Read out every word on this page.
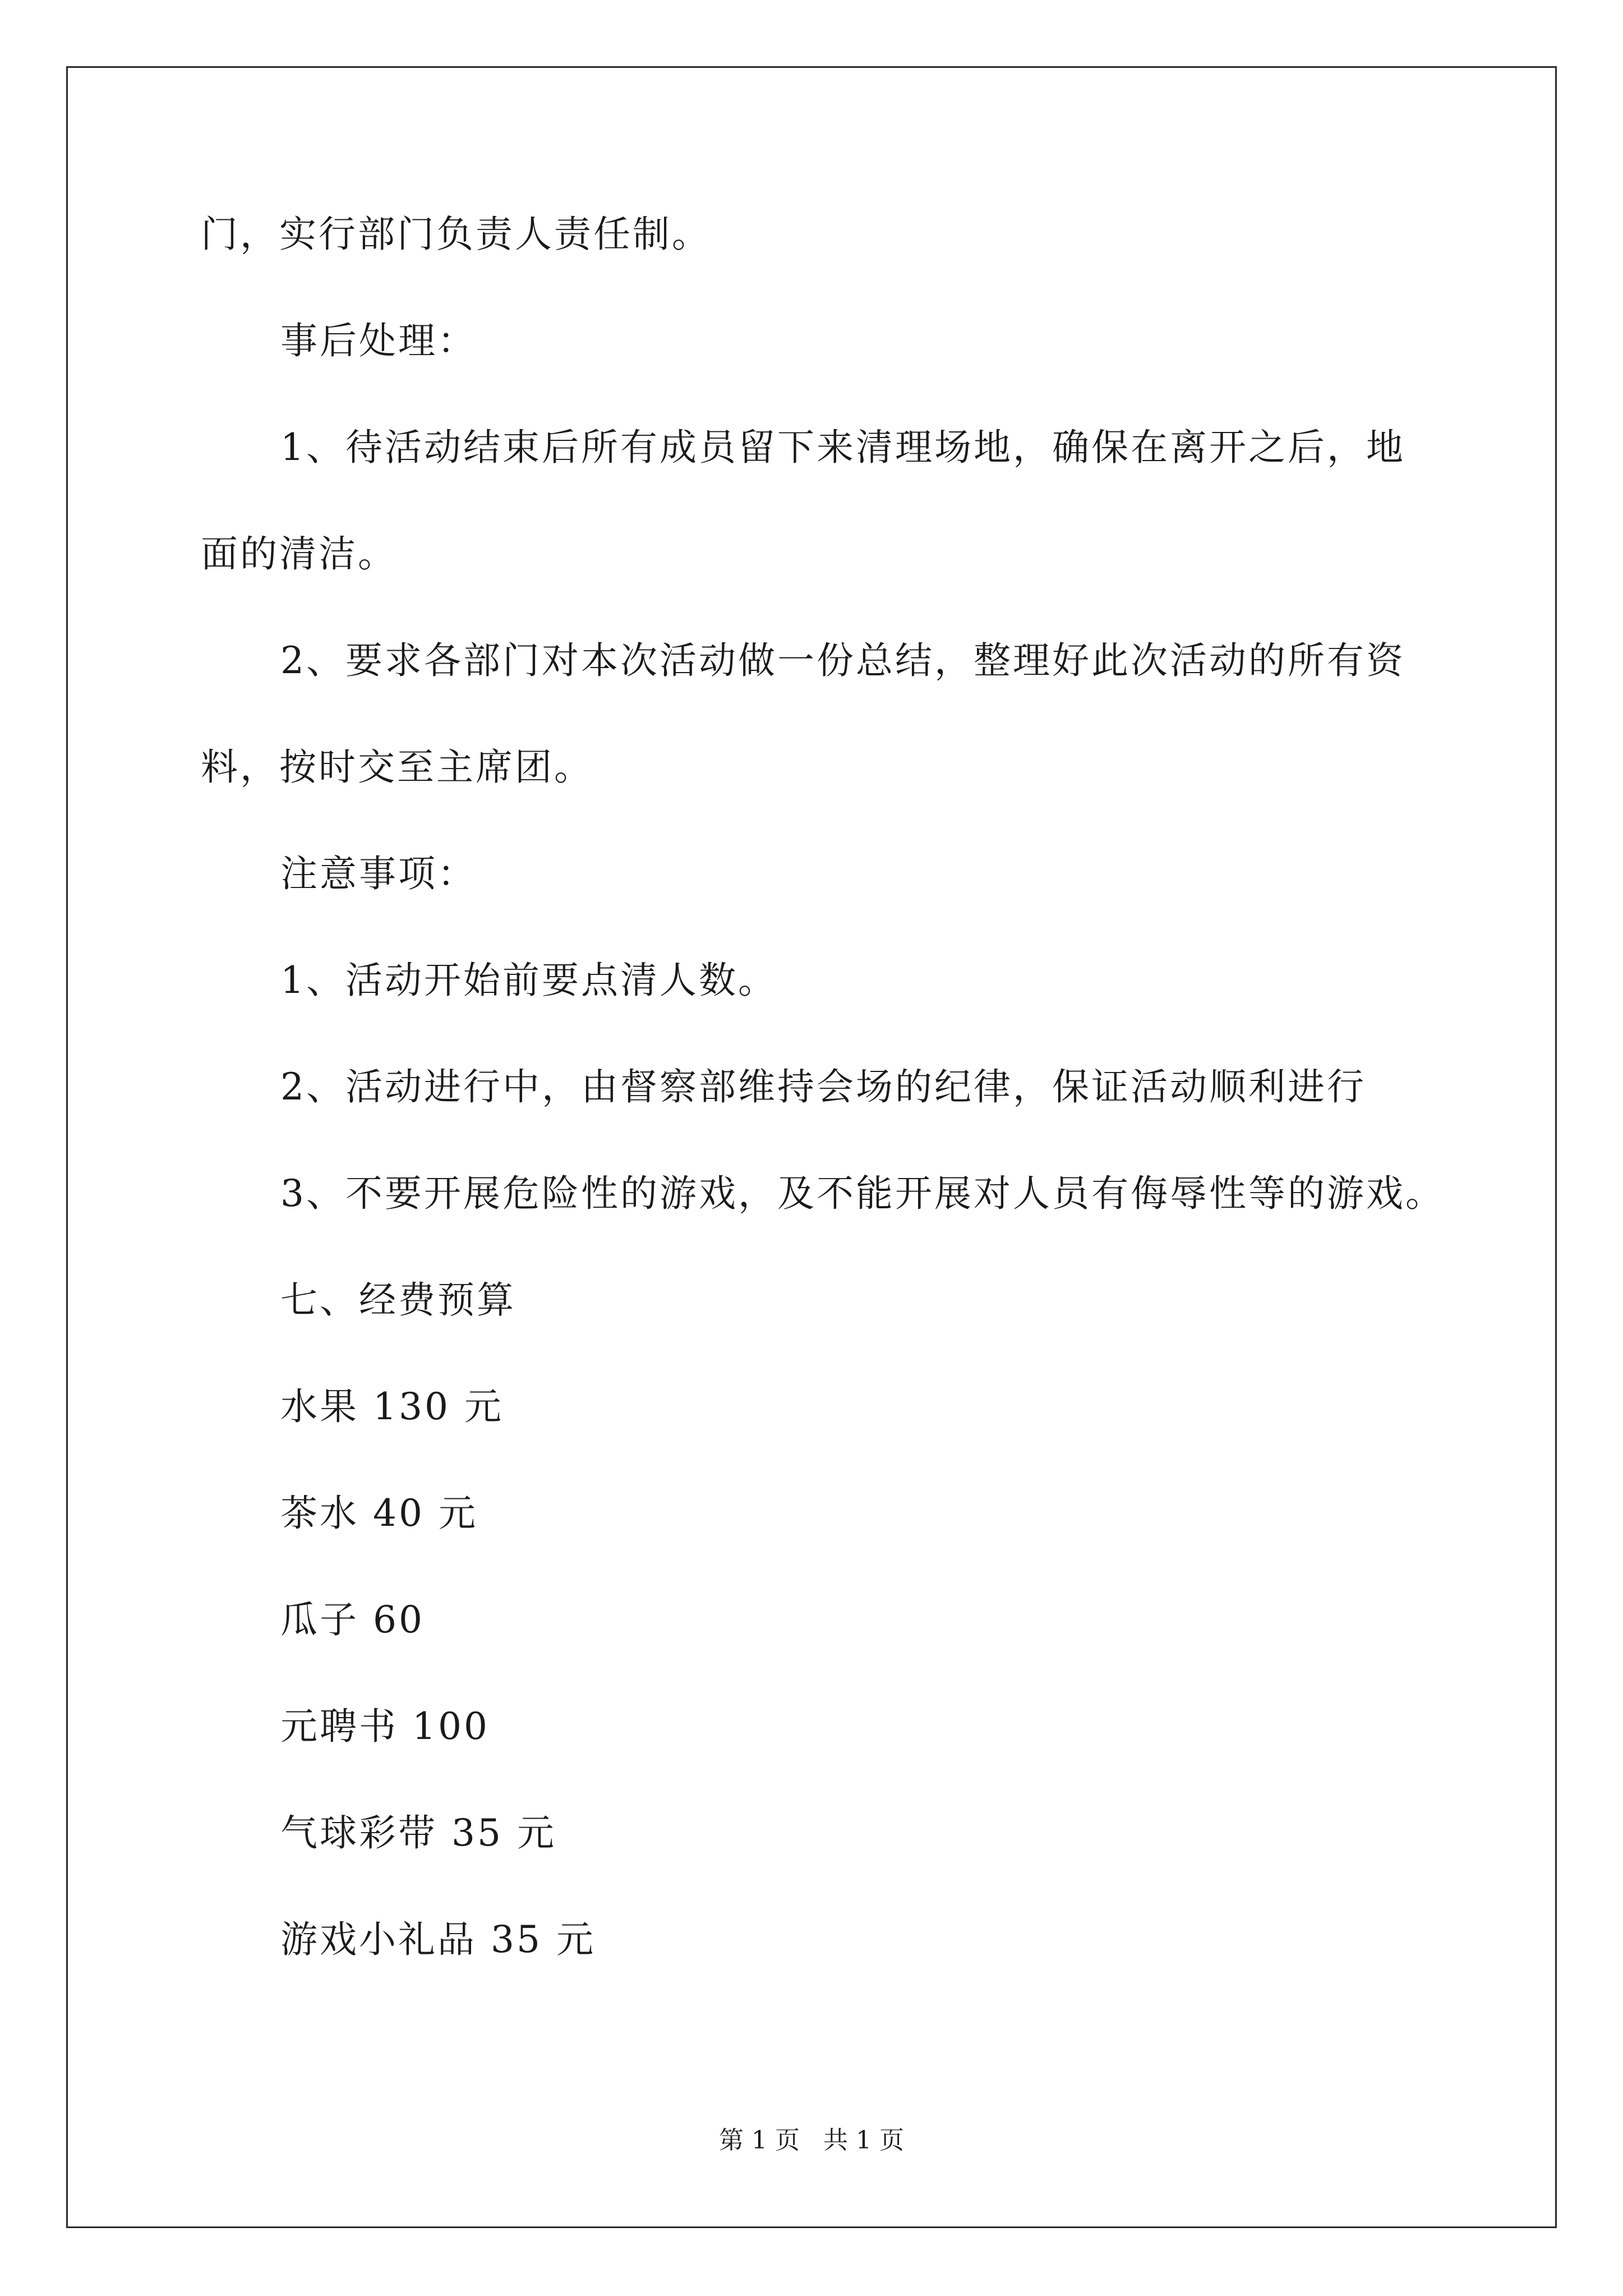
门，实行部门负责人责任制。
事后处理：
1、待活动结束后所有成员留下来清理场地，确保在离开之后，地
面的清洁。
2、要求各部门对本次活动做一份总结，整理好此次活动的所有资
料，按时交至主席团。
注意事项：
1、活动开始前要点清人数。
2、活动进行中，由督察部维持会场的纪律，保证活动顺利进行
3、不要开展危险性的游戏，及不能开展对人员有侮辱性等的游戏。
七、经费预算
水果 130 元
茶水 40 元
瓜子 60
元聘书 100
气球彩带 35 元
游戏小礼品 35 元
第 1 页   共 1 页
